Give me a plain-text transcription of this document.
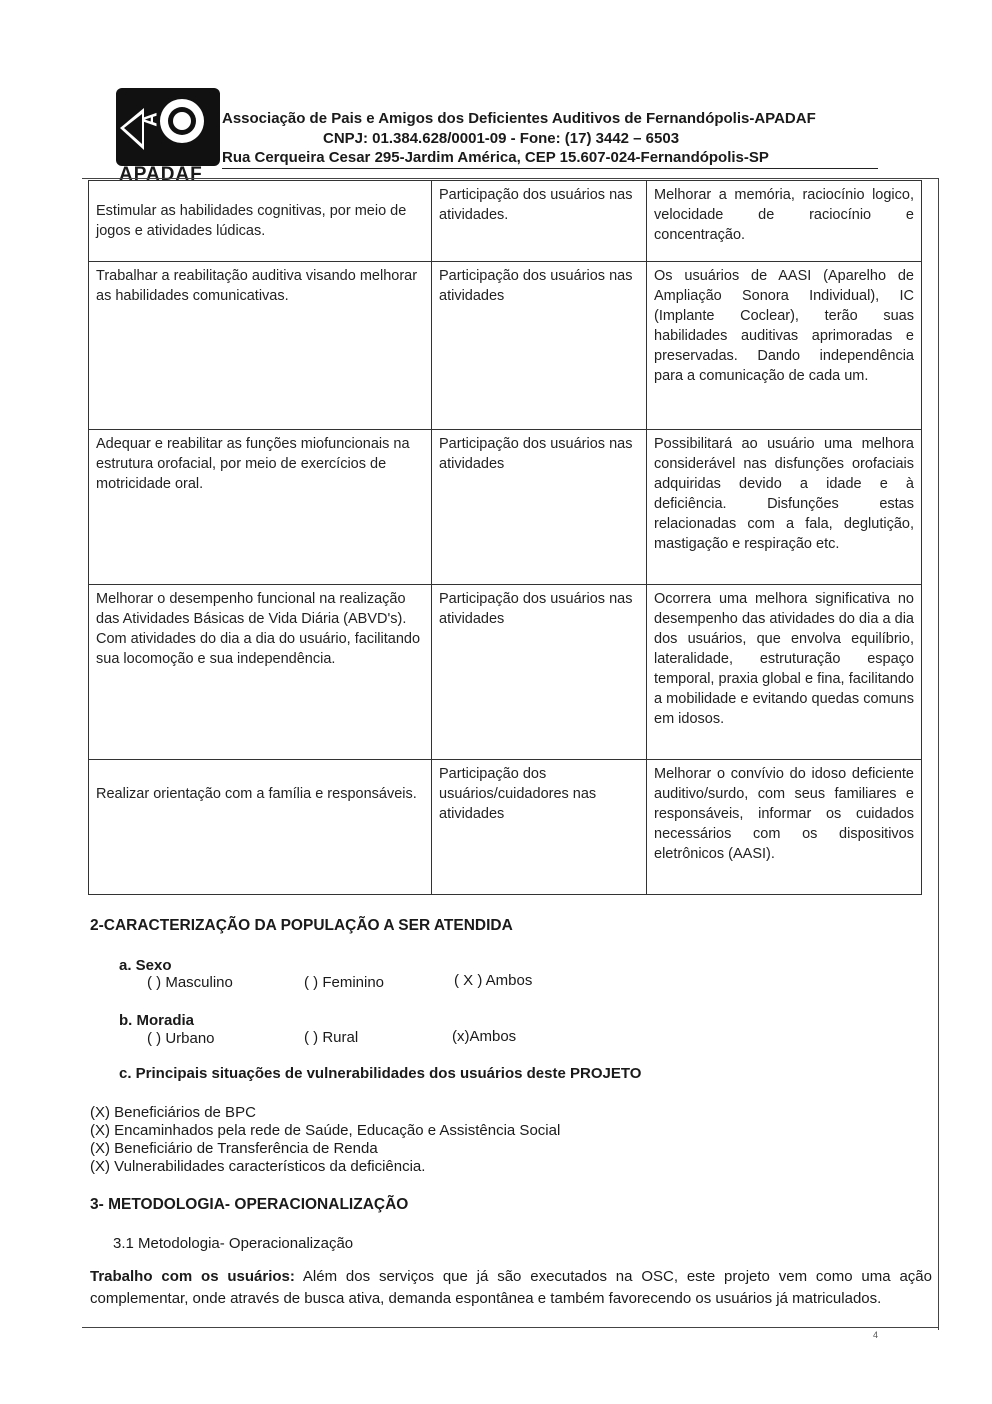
A
APADAF
Associação de Pais e Amigos dos Deficientes Auditivos de Fernandópolis-APADAF
CNPJ: 01.384.628/0001-09 - Fone: (17) 3442 – 6503
Rua Cerqueira Cesar 295-Jardim América, CEP 15.607-024-Fernandópolis-SP
Estimular as habilidades cognitivas, por meio de jogos e atividades lúdicas.	Participação dos usuários nas atividades.	Melhorar a memória, raciocínio logico, velocidade de raciocínio e concentração.
Trabalhar a reabilitação auditiva visando melhorar as habilidades comunicativas.	Participação dos usuários nas atividades	Os usuários de AASI (Aparelho de Ampliação Sonora Individual), IC (Implante Coclear), terão suas habilidades auditivas aprimoradas e preservadas. Dando independência para a comunicação de cada um.
Adequar e reabilitar as funções miofuncionais na estrutura orofacial, por meio de exercícios de motricidade oral.	Participação dos usuários nas atividades	Possibilitará ao usuário uma melhora considerável nas disfunções orofaciais adquiridas devido a idade e à deficiência. Disfunções estas relacionadas com a fala, deglutição, mastigação e respiração etc.
Melhorar o desempenho funcional na realização das Atividades Básicas de Vida Diária (ABVD's). Com atividades do dia a dia do usuário, facilitando sua locomoção e sua independência.	Participação dos usuários nas atividades	Ocorrera uma melhora significativa no desempenho das atividades do dia a dia dos usuários, que envolva equilíbrio, lateralidade, estruturação espaço temporal, praxia global e fina, facilitando a mobilidade e evitando quedas comuns em idosos.

Realizar orientação com a família e responsáveis.	Participação dos usuários/cuidadores nas atividades	Melhorar o convívio do idoso deficiente auditivo/surdo, com seus familiares e responsáveis, informar os cuidados necessários com os dispositivos eletrônicos (AASI).
2-CARACTERIZAÇÃO DA POPULAÇÃO A SER ATENDIDA
a. Sexo
( ) Masculino	( ) Feminino	( X ) Ambos
b. Moradia
( ) Urbano	( ) Rural	(x)Ambos
c. Principais situações de vulnerabilidades dos usuários deste PROJETO
(X) Beneficiários de BPC
(X) Encaminhados pela rede de Saúde, Educação e Assistência Social
(X) Beneficiário de Transferência de Renda
(X) Vulnerabilidades característicos da deficiência.
3- METODOLOGIA- OPERACIONALIZAÇÃO
3.1 Metodologia- Operacionalização
Trabalho com os usuários: Além dos serviços que já são executados na OSC, este projeto vem como uma ação complementar, onde através de busca ativa, demanda espontânea e também favorecendo os usuários já matriculados.
4
